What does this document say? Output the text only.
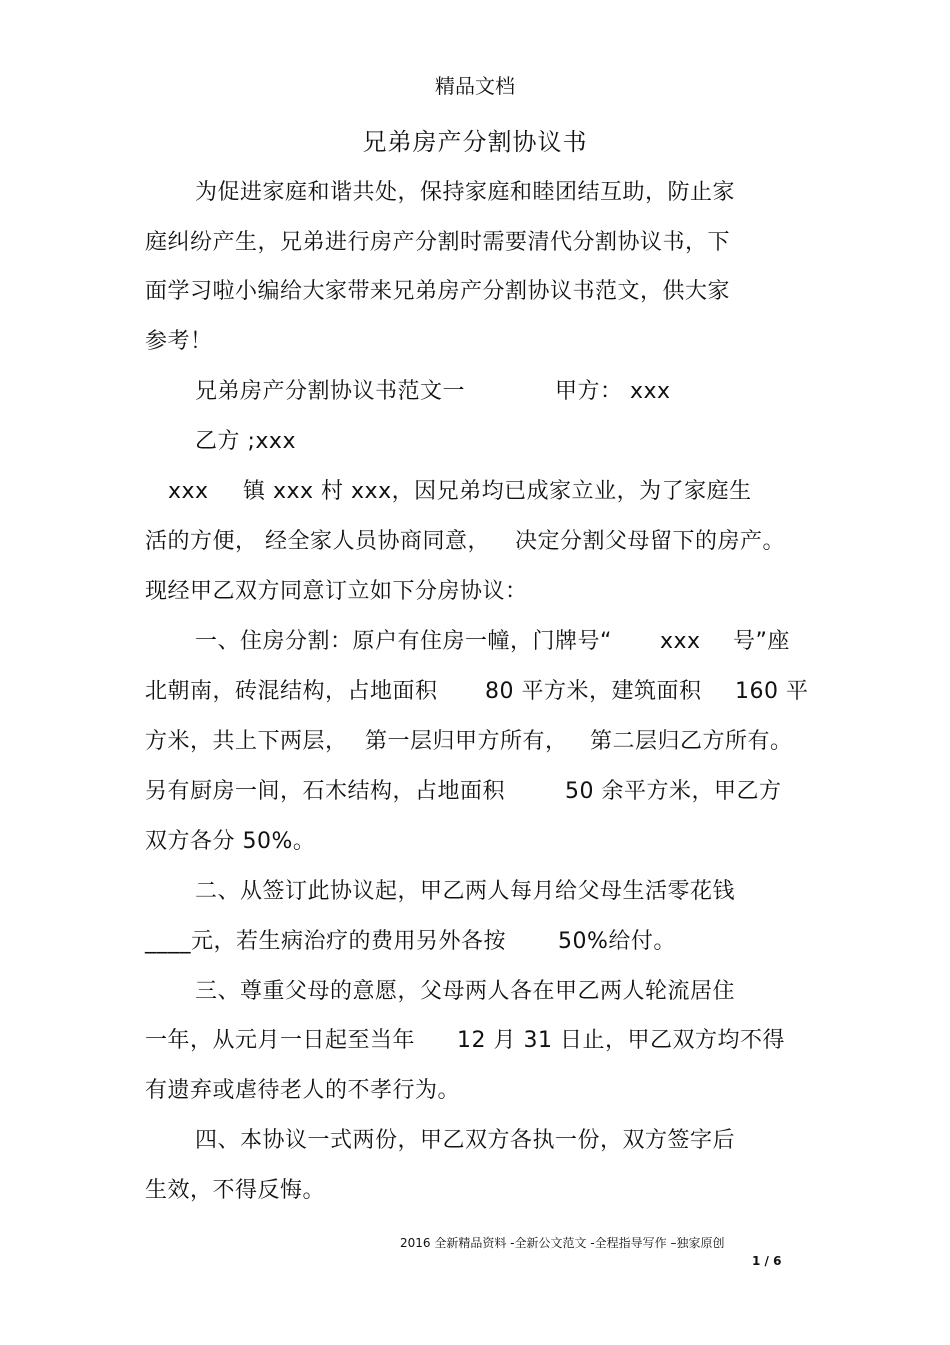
精品文档
兄弟房产分割协议书
为促进家庭和谐共处，保持家庭和睦团结互助，防止家
庭纠纷产生，兄弟进行房产分割时需要清代分割协议书，下
面学习啦小编给大家带来兄弟房产分割协议书范文，供大家
参考！
兄弟房产分割协议书范文一	甲方： xxx
乙方 ;xxx
xxx 镇 xxx 村 xxx，因兄弟均已成家立业，为了家庭生
活的方便， 经全家人员协商同意， 决定分割父母留下的房产。
现经甲乙双方同意订立如下分房协议：
一、住房分割：原户有住房一幢，门牌号“ xxx 号”座
北朝南，砖混结构，占地面积 80 平方米，建筑面积 160 平
方米，共上下两层， 第一层归甲方所有， 第二层归乙方所有。
另有厨房一间，石木结构，占地面积	50 余平方米，甲乙方
双方各分 50%。
二、从签订此协议起，甲乙两人每月给父母生活零花钱
____元，若生病治疗的费用另外各按 50%给付。
三、尊重父母的意愿，父母两人各在甲乙两人轮流居住
一年，从元月一日起至当年 12 月 31 日止，甲乙双方均不得
有遗弃或虐待老人的不孝行为。
四、本协议一式两份，甲乙双方各执一份，双方签字后
生效，不得反悔。
2016 全新精品资料 -全新公文范文 -全程指导写作 –独家原创
1 / 6
